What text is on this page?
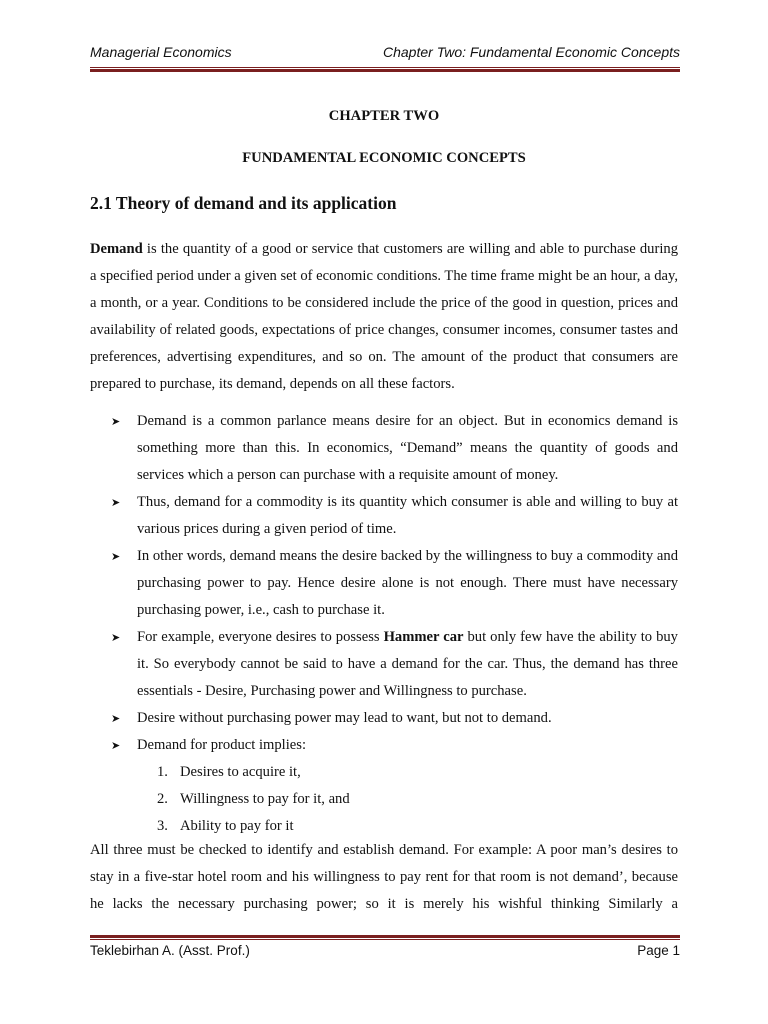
Managerial Economics	Chapter Two: Fundamental Economic Concepts
CHAPTER TWO
FUNDAMENTAL ECONOMIC CONCEPTS
2.1 Theory of demand and its application
Demand is the quantity of a good or service that customers are willing and able to purchase during a specified period under a given set of economic conditions. The time frame might be an hour, a day, a month, or a year. Conditions to be considered include the price of the good in question, prices and availability of related goods, expectations of price changes, consumer incomes, consumer tastes and preferences, advertising expenditures, and so on. The amount of the product that consumers are prepared to purchase, its demand, depends on all these factors.
➤ Demand is a common parlance means desire for an object. But in economics demand is something more than this. In economics, “Demand” means the quantity of goods and services which a person can purchase with a requisite amount of money.
➤ Thus, demand for a commodity is its quantity which consumer is able and willing to buy at various prices during a given period of time.
➤ In other words, demand means the desire backed by the willingness to buy a commodity and purchasing power to pay. Hence desire alone is not enough. There must have necessary purchasing power, i.e., cash to purchase it.
➤ For example, everyone desires to possess Hammer car but only few have the ability to buy it. So everybody cannot be said to have a demand for the car. Thus, the demand has three essentials - Desire, Purchasing power and Willingness to purchase.
➤ Desire without purchasing power may lead to want, but not to demand.
➤ Demand for product implies:
1. Desires to acquire it,
2. Willingness to pay for it, and
3. Ability to pay for it
All three must be checked to identify and establish demand. For example: A poor man’s desires to stay in a five-star hotel room and his willingness to pay rent for that room is not demand’, because he lacks the necessary purchasing power; so it is merely his wishful thinking Similarly a
Teklebirhan A. (Asst. Prof.)	Page 1
